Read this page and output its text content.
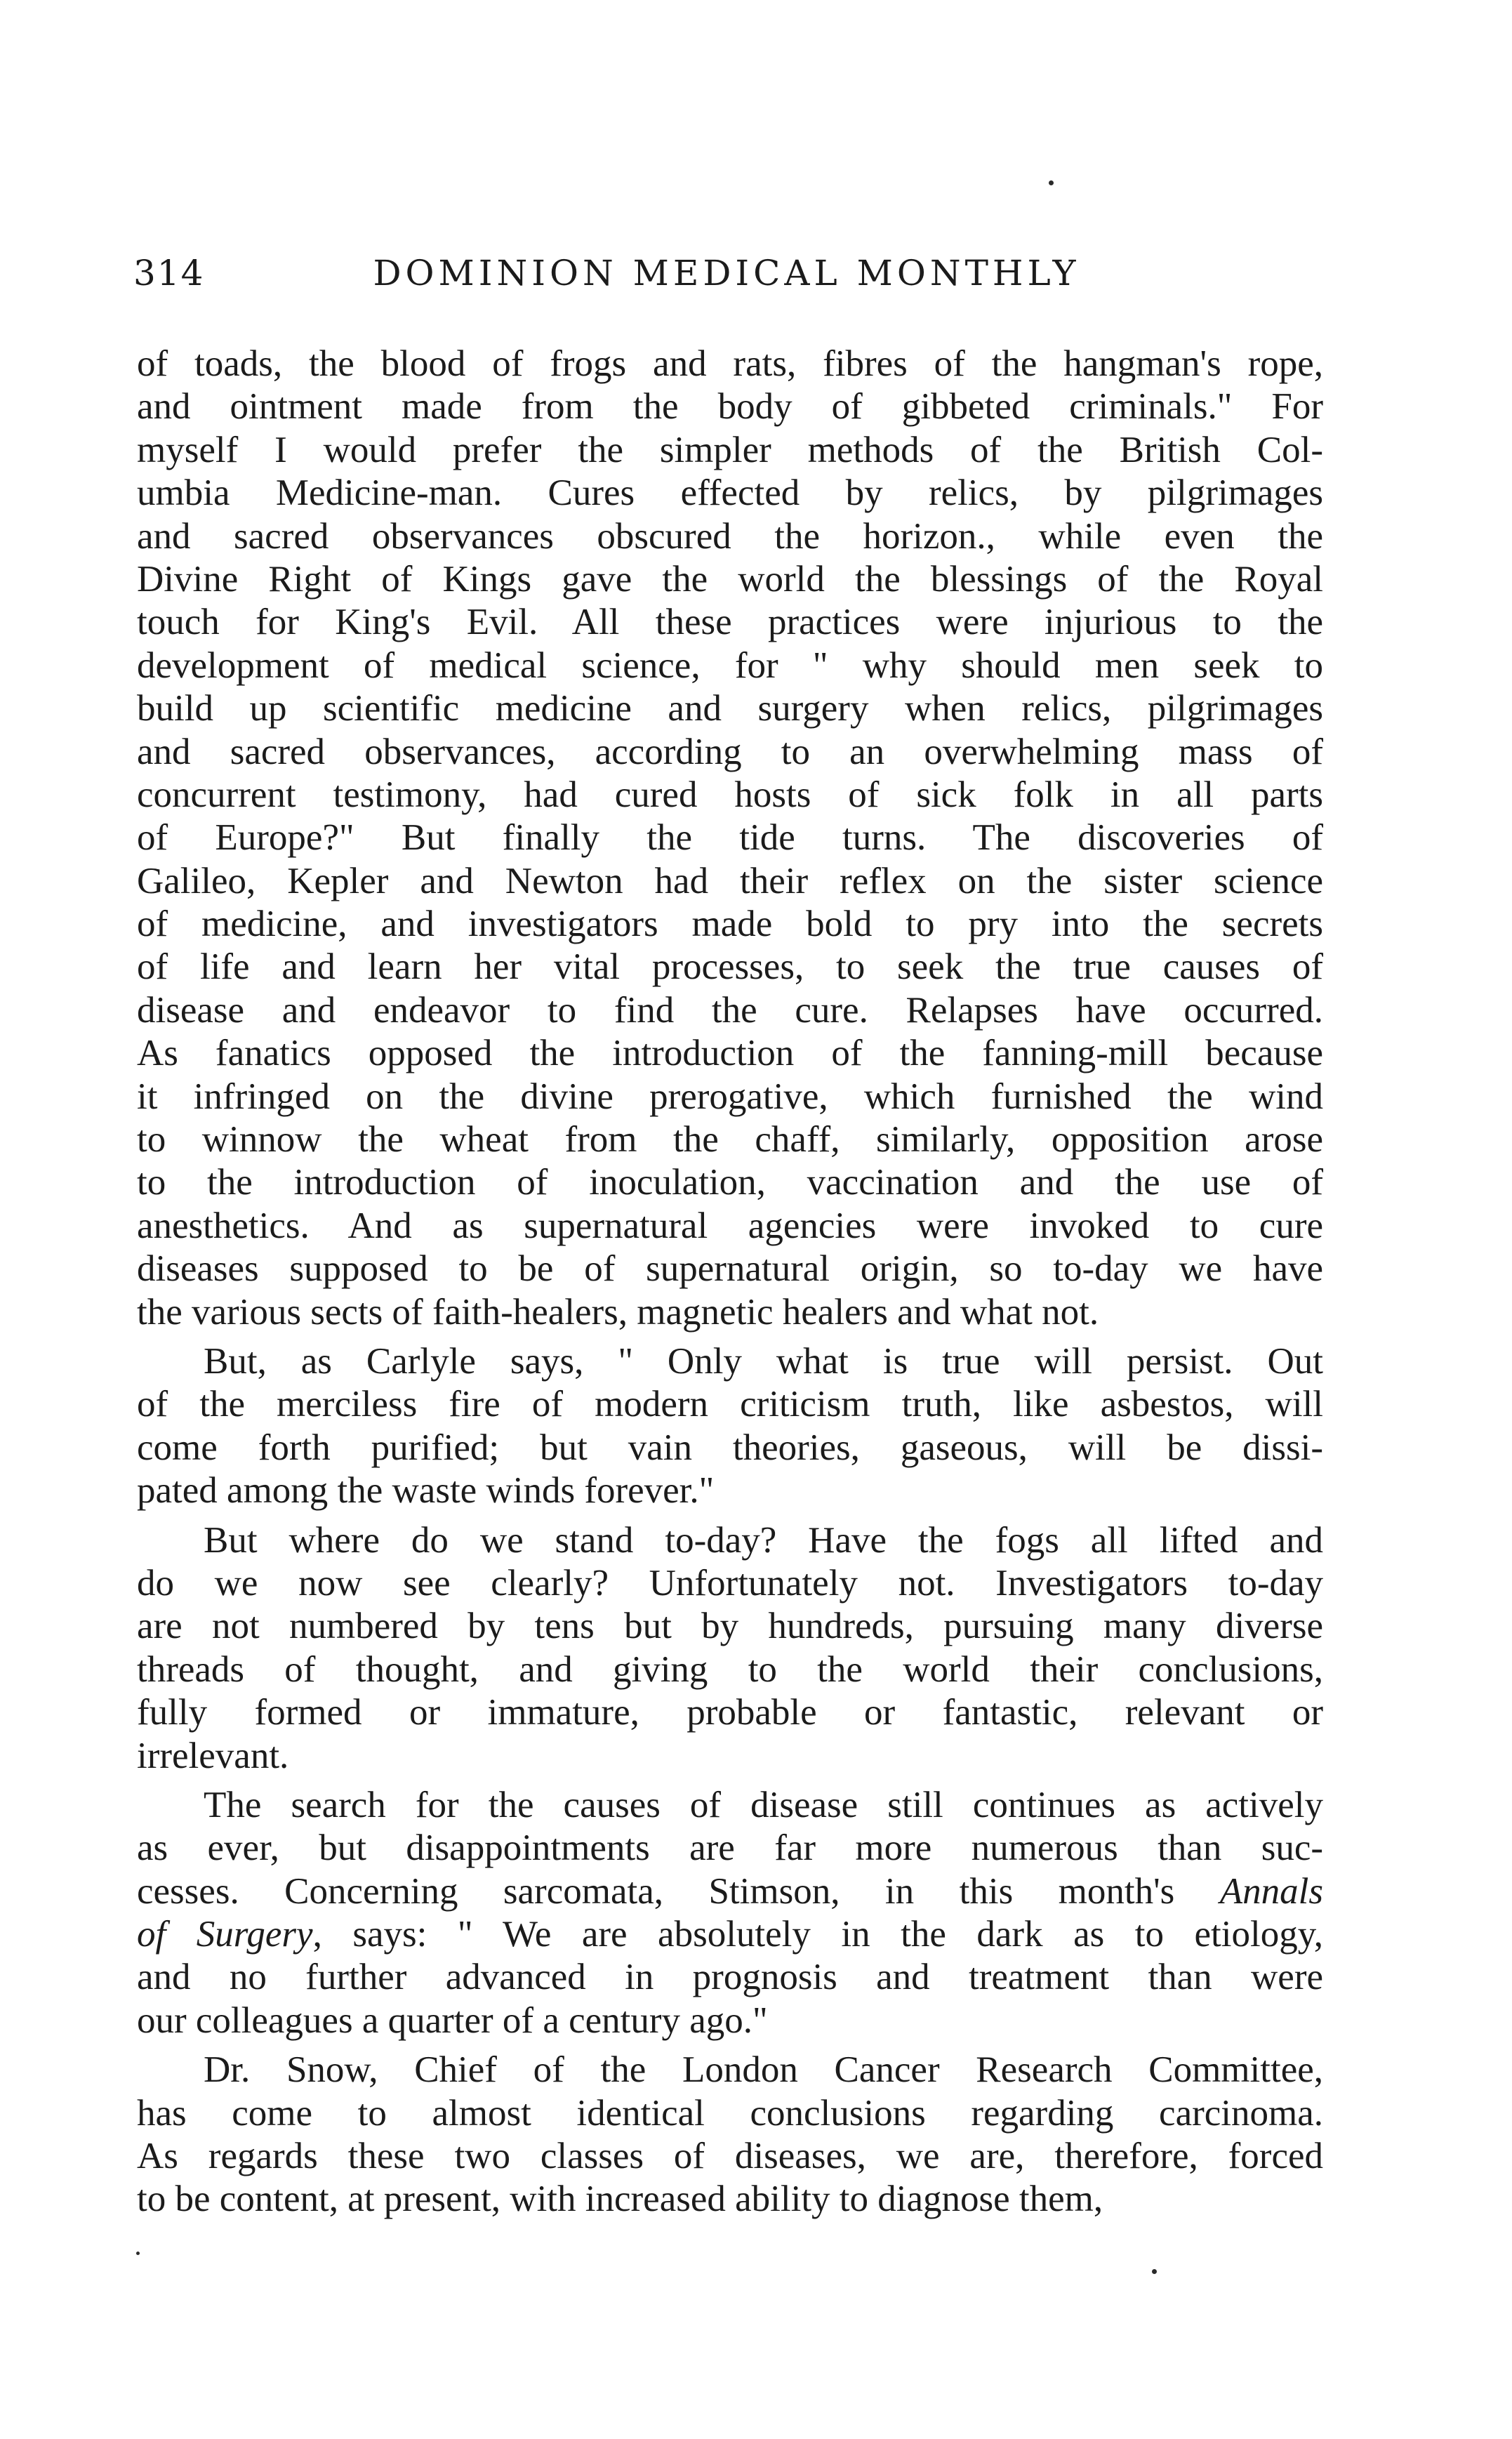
314	DOMINION MEDICAL MONTHLY
of toads, the blood of frogs and rats, fibres of the hangman's rope,
and ointment made from the body of gibbeted criminals." For
myself I would prefer the simpler methods of the British Col-
umbia Medicine-man. Cures effected by relics, by pilgrimages
and sacred observances obscured the horizon., while even the
Divine Right of Kings gave the world the blessings of the Royal
touch for King's Evil. All these practices were injurious to the
development of medical science, for " why should men seek to
build up scientific medicine and surgery when relics, pilgrimages
and sacred observances, according to an overwhelming mass of
concurrent testimony, had cured hosts of sick folk in all parts
of Europe?" But finally the tide turns. The discoveries of
Galileo, Kepler and Newton had their reflex on the sister science
of medicine, and investigators made bold to pry into the secrets
of life and learn her vital processes, to seek the true causes of
disease and endeavor to find the cure. Relapses have occurred.
As fanatics opposed the introduction of the fanning-mill because
it infringed on the divine prerogative, which furnished the wind
to winnow the wheat from the chaff, similarly, opposition arose
to the introduction of inoculation, vaccination and the use of
anesthetics. And as supernatural agencies were invoked to cure
diseases supposed to be of supernatural origin, so to-day we have
the various sects of faith-healers, magnetic healers and what not.
But, as Carlyle says, " Only what is true will persist. Out
of the merciless fire of modern criticism truth, like asbestos, will
come forth purified; but vain theories, gaseous, will be dissi-
pated among the waste winds forever."
But where do we stand to-day? Have the fogs all lifted and
do we now see clearly? Unfortunately not. Investigators to-day
are not numbered by tens but by hundreds, pursuing many diverse
threads of thought, and giving to the world their conclusions,
fully formed or immature, probable or fantastic, relevant or
irrelevant.
The search for the causes of disease still continues as actively
as ever, but disappointments are far more numerous than suc-
cesses. Concerning sarcomata, Stimson, in this month's Annals
of Surgery, says: " We are absolutely in the dark as to etiology,
and no further advanced in prognosis and treatment than were
our colleagues a quarter of a century ago."
Dr. Snow, Chief of the London Cancer Research Committee,
has come to almost identical conclusions regarding carcinoma.
As regards these two classes of diseases, we are, therefore, forced
to be content, at present, with increased ability to diagnose them,
